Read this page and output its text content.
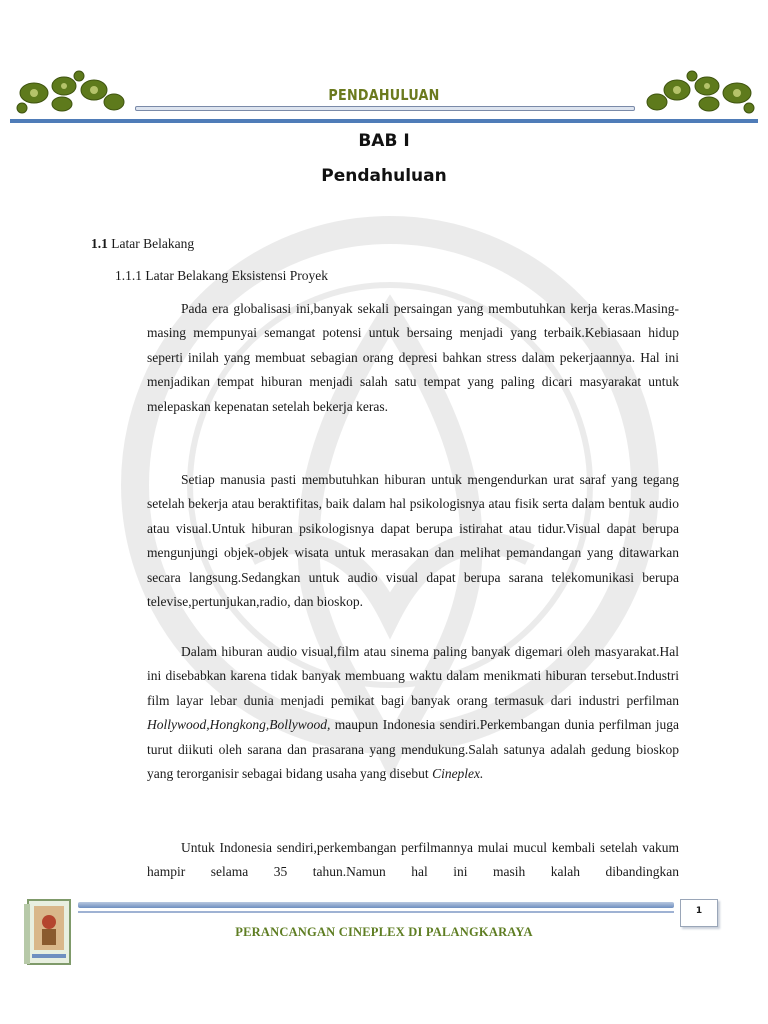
PENDAHULUAN
BAB I
Pendahuluan
1.1 Latar Belakang
1.1.1 Latar Belakang Eksistensi Proyek

Pada era globalisasi ini,banyak sekali persaingan yang membutuhkan kerja keras.Masing-masing mempunyai semangat potensi untuk bersaing menjadi yang terbaik.Kebiasaan hidup seperti inilah yang membuat sebagian orang depresi bahkan stress dalam pekerjaannya. Hal ini menjadikan tempat hiburan menjadi salah satu tempat yang paling dicari masyarakat untuk melepaskan kepenatan setelah bekerja keras.

Setiap manusia pasti membutuhkan hiburan untuk mengendurkan urat saraf yang tegang setelah bekerja atau beraktifitas, baik dalam hal psikologisnya atau fisik serta dalam bentuk audio atau visual.Untuk hiburan psikologisnya dapat berupa istirahat atau tidur.Visual dapat berupa mengunjungi objek-objek wisata untuk merasakan dan melihat pemandangan yang ditawarkan secara langsung.Sedangkan untuk audio visual dapat berupa sarana telekomunikasi berupa televise,pertunjukan,radio, dan bioskop.

Dalam hiburan audio visual,film atau sinema paling banyak digemari oleh masyarakat.Hal ini disebabkan karena tidak banyak membuang waktu dalam menikmati hiburan tersebut.Industri film layar lebar dunia menjadi pemikat bagi banyak orang termasuk dari industri perfilman Hollywood,Hongkong,Bollywood, maupun Indonesia sendiri.Perkembangan dunia perfilman juga turut diikuti oleh sarana dan prasarana yang mendukung.Salah satunya adalah gedung bioskop yang terorganisir sebagai bidang usaha yang disebut Cineplex.

Untuk Indonesia sendiri,perkembangan perfilmannya mulai mucul kembali setelah vakum hampir selama 35 tahun.Namun hal ini masih kalah dibandingkan

1
PERANCANGAN CINEPLEX DI PALANGKARAYA
